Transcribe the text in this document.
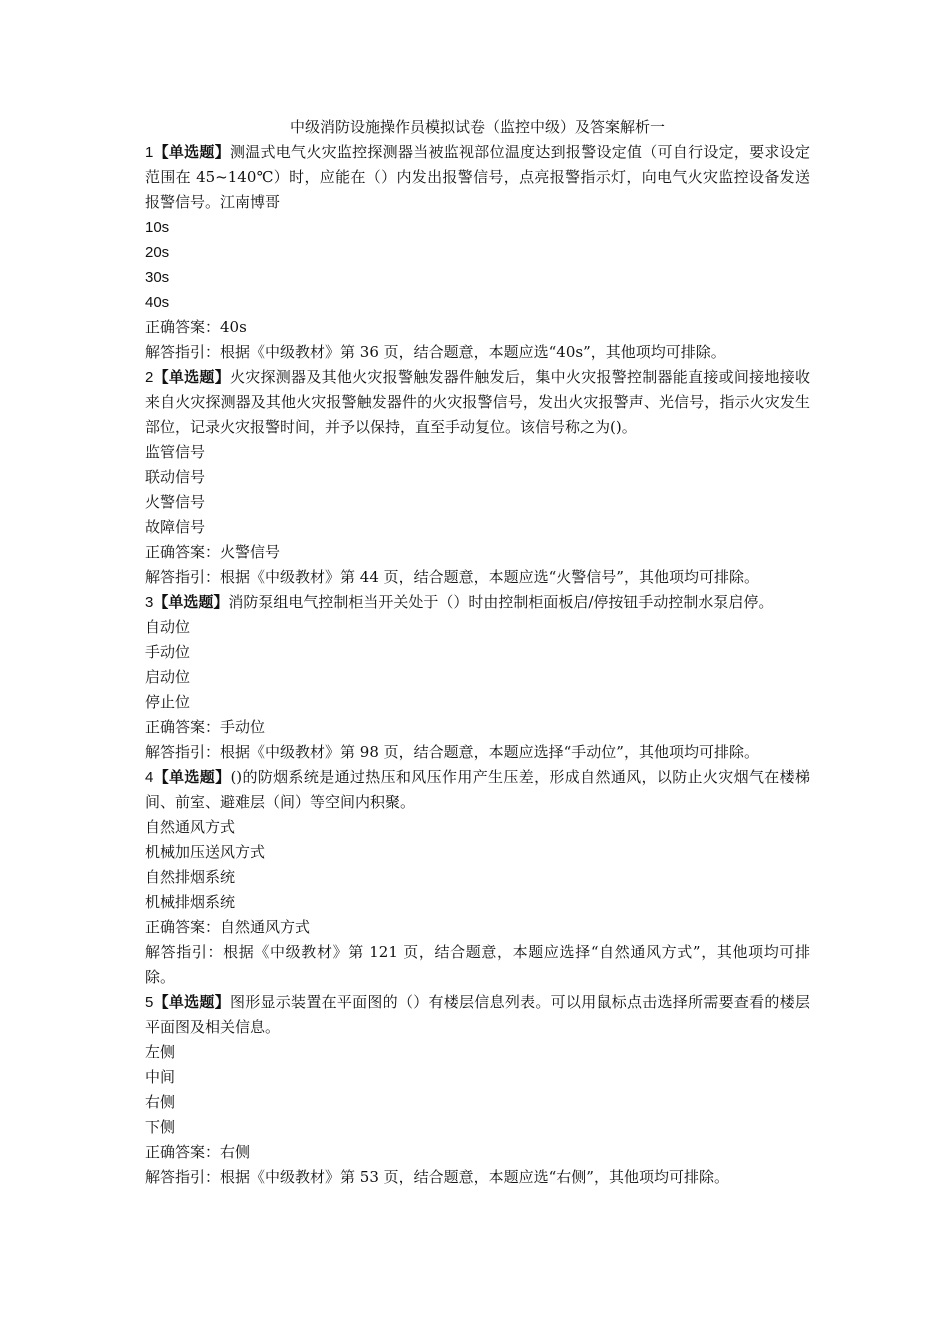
中级消防设施操作员模拟试卷（监控中级）及答案解析一

1【单选题】测温式电气火灾监控探测器当被监视部位温度达到报警设定值（可自行设定，要求设定范围在 45~140℃）时，应能在（）内发出报警信号，点亮报警指示灯，向电气火灾监控设备发送报警信号。江南博哥

10s

20s

30s

40s

正确答案：40s

解答指引：根据《中级教材》第 36 页，结合题意，本题应选“40s”，其他项均可排除。

2【单选题】火灾探测器及其他火灾报警触发器件触发后，集中火灾报警控制器能直接或间接地接收来自火灾探测器及其他火灾报警触发器件的火灾报警信号，发出火灾报警声、光信号，指示火灾发生部位，记录火灾报警时间，并予以保持，直至手动复位。该信号称之为()。

监管信号

联动信号

火警信号

故障信号

正确答案：火警信号

解答指引：根据《中级教材》第 44 页，结合题意，本题应选“火警信号”，其他项均可排除。

3【单选题】消防泵组电气控制柜当开关处于（）时由控制柜面板启/停按钮手动控制水泵启停。

自动位

手动位

启动位

停止位

正确答案：手动位

解答指引：根据《中级教材》第 98 页，结合题意，本题应选择“手动位”，其他项均可排除。

4【单选题】()的防烟系统是通过热压和风压作用产生压差，形成自然通风，以防止火灾烟气在楼梯间、前室、避难层（间）等空间内积聚。

自然通风方式

机械加压送风方式

自然排烟系统

机械排烟系统

正确答案：自然通风方式

解答指引：根据《中级教材》第 121 页，结合题意，本题应选择“自然通风方式”，其他项均可排除。

5【单选题】图形显示装置在平面图的（）有楼层信息列表。可以用鼠标点击选择所需要查看的楼层平面图及相关信息。

左侧

中间

右侧

下侧

正确答案：右侧

解答指引：根据《中级教材》第 53 页，结合题意，本题应选“右侧”，其他项均可排除。
